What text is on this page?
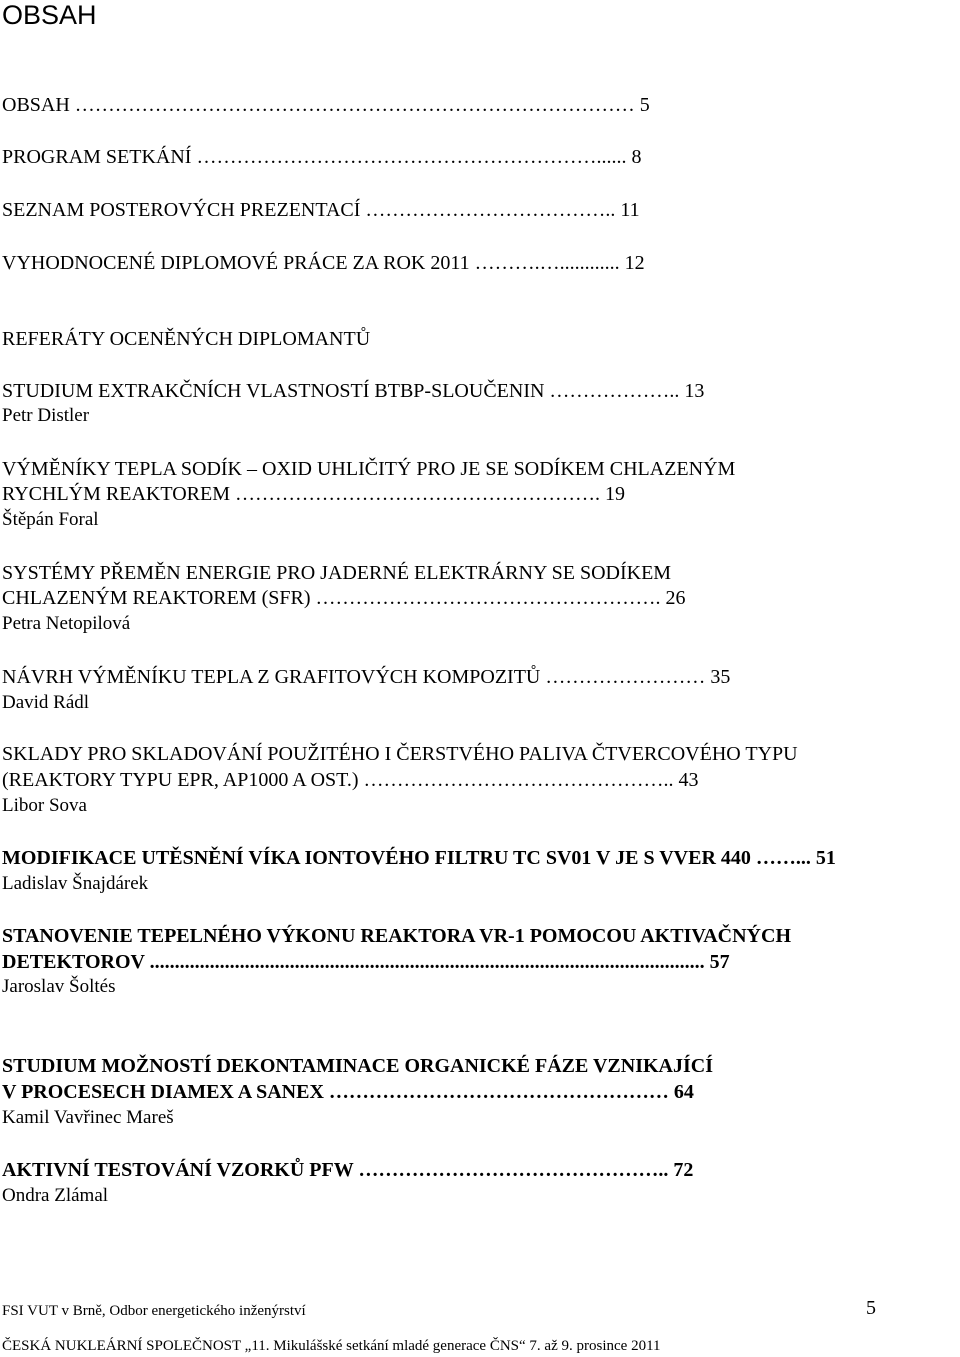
OBSAH
OBSAH ………………………………………………………………………… 5
PROGRAM SETKÁNÍ ……………………………………………………...... 8
SEZNAM POSTEROVÝCH PREZENTACÍ ……………………………….. 11
VYHODNOCENÉ DIPLOMOVÉ PRÁCE ZA ROK 2011 ……….…............ 12
REFERÁTY OCENĚNÝCH DIPLOMANTŮ
STUDIUM EXTRAKČNÍCH VLASTNOSTÍ BTBP-SLOUČENIN ……………….. 13
Petr Distler
VÝMĚNÍKY TEPLA SODÍK – OXID UHLIČITÝ PRO JE SE SODÍKEM CHLAZENÝM
RYCHLÝM REAKTOREM ………………………………………………. 19
Štěpán Foral
SYSTÉMY PŘEMĚN ENERGIE PRO JADERNÉ ELEKTRÁRNY SE SODÍKEM
CHLAZENÝM REAKTOREM (SFR) ……………………………………………. 26
Petra Netopilová
NÁVRH VÝMĚNÍKU TEPLA Z GRAFITOVÝCH KOMPOZITŮ …………………… 35
David Rádl
SKLADY PRO SKLADOVÁNÍ POUŽITÉHO I ČERSTVÉHO PALIVA ČTVERCOVÉHO TYPU
(REAKTORY TYPU EPR, AP1000 A OST.) ……………………………………….. 43
Libor Sova
MODIFIKACE UTĚSNĚNÍ VÍKA IONTOVÉHO FILTRU TC SV01 V JE S VVER 440 ……... 51
Ladislav Šnajdárek
STANOVENIE TEPELNÉHO VÝKONU REAKTORA VR-1 POMOCOU AKTIVAČNÝCH
DETEKTOROV ............................................................................................................... 57
Jaroslav Šoltés
STUDIUM MOŽNOSTÍ DEKONTAMINACE ORGANICKÉ FÁZE VZNIKAJÍCÍ
V PROCESECH DIAMEX A SANEX …………………………………………… 64
Kamil Vavřinec Mareš
AKTIVNÍ TESTOVÁNÍ VZORKŮ PFW ……………………………………….. 72
Ondra Zlámal
FSI VUT v Brně, Odbor energetického inženýrství	5
ČESKÁ NUKLEÁRNÍ SPOLEČNOST „11. Mikulášské setkání mladé generace ČNS“ 7. až 9. prosince 2011
